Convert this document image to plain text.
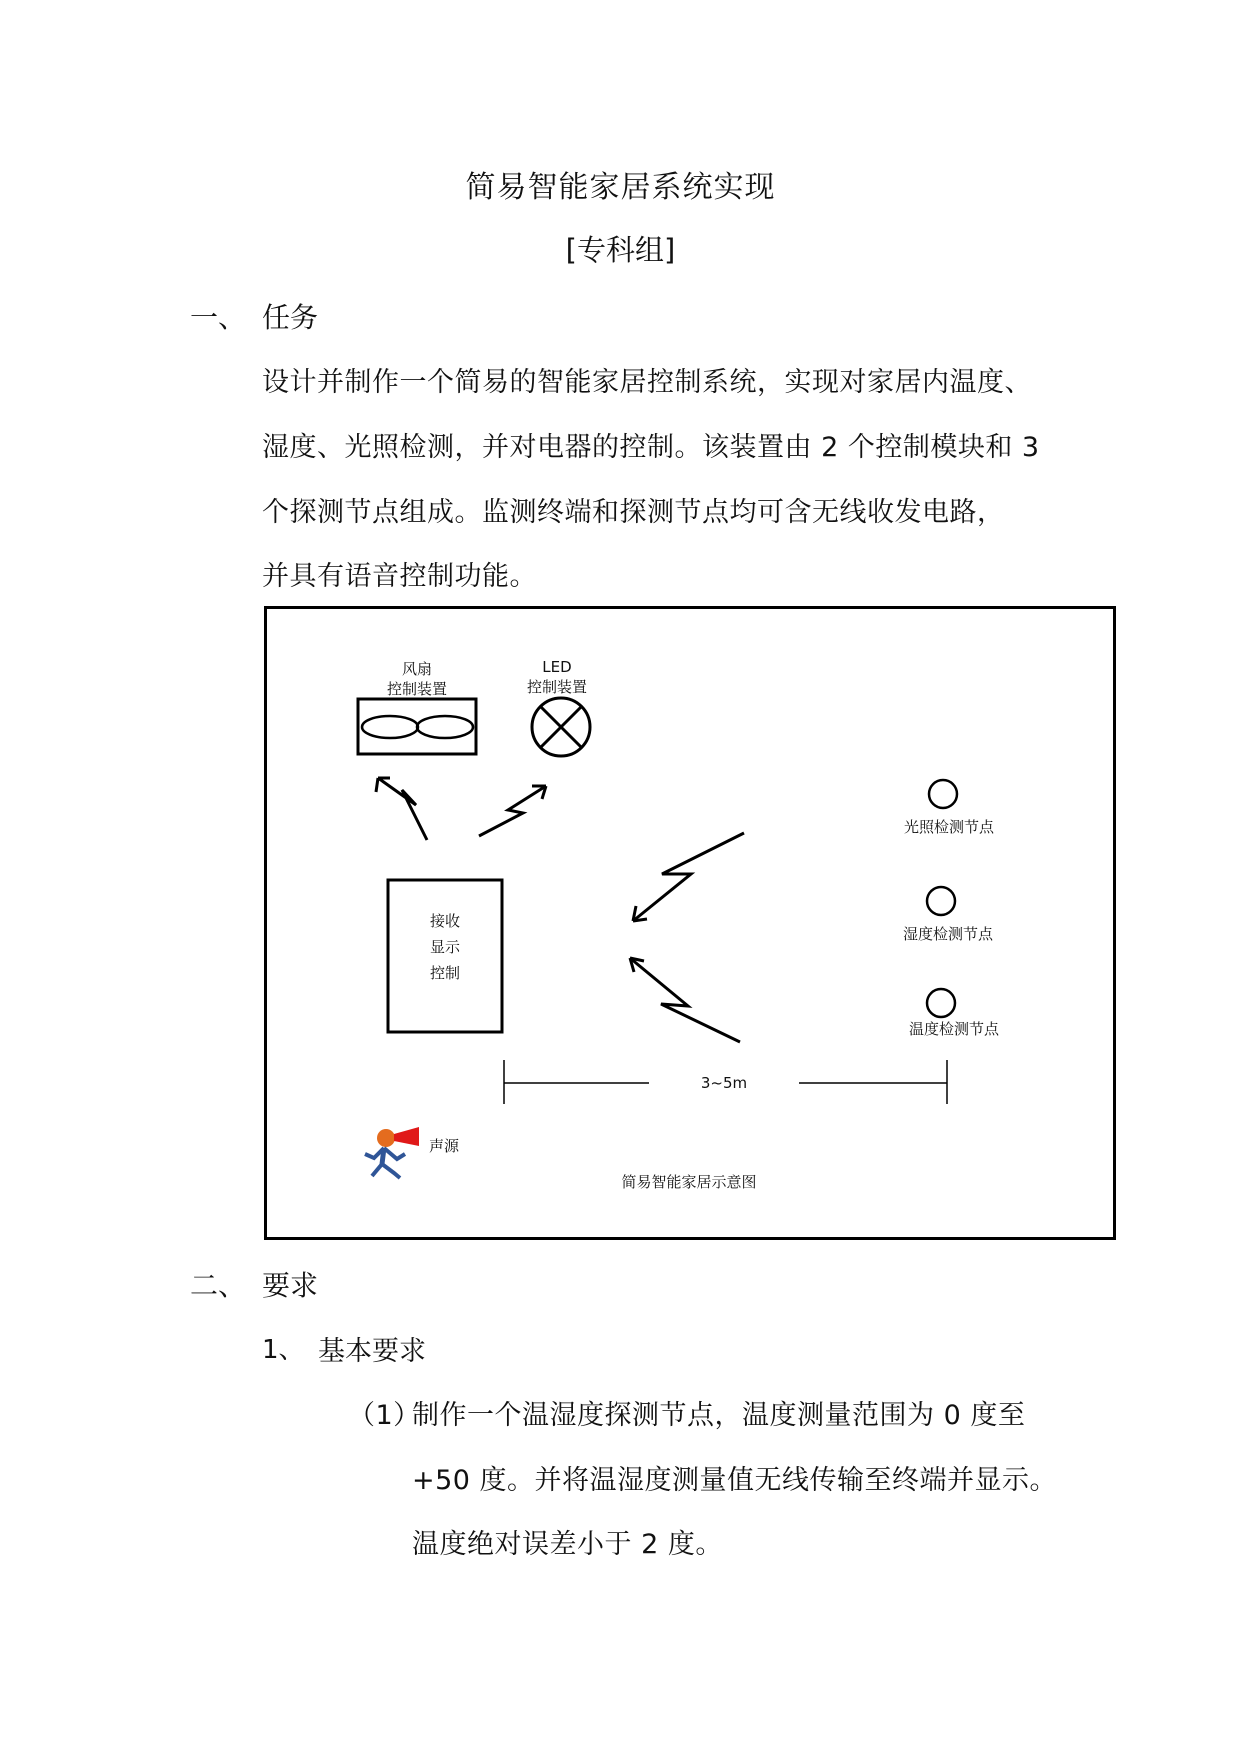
简易智能家居系统实现
[专科组]
一、 任务
设计并制作一个简易的智能家居控制系统，实现对家居内温度、
湿度、光照检测，并对电器的控制。该装置由 2 个控制模块和 3
个探测节点组成。监测终端和探测节点均可含无线收发电路，
并具有语音控制功能。
风扇
控制装置
LED
控制装置
接收
显示
控制
光照检测节点
湿度检测节点
温度检测节点
3~5m
声源
简易智能家居示意图
二、 要求
1、 基本要求
（1）
制作一个温湿度探测节点，温度测量范围为 0 度至
+50 度。并将温湿度测量值无线传输至终端并显示。
温度绝对误差小于 2 度。
